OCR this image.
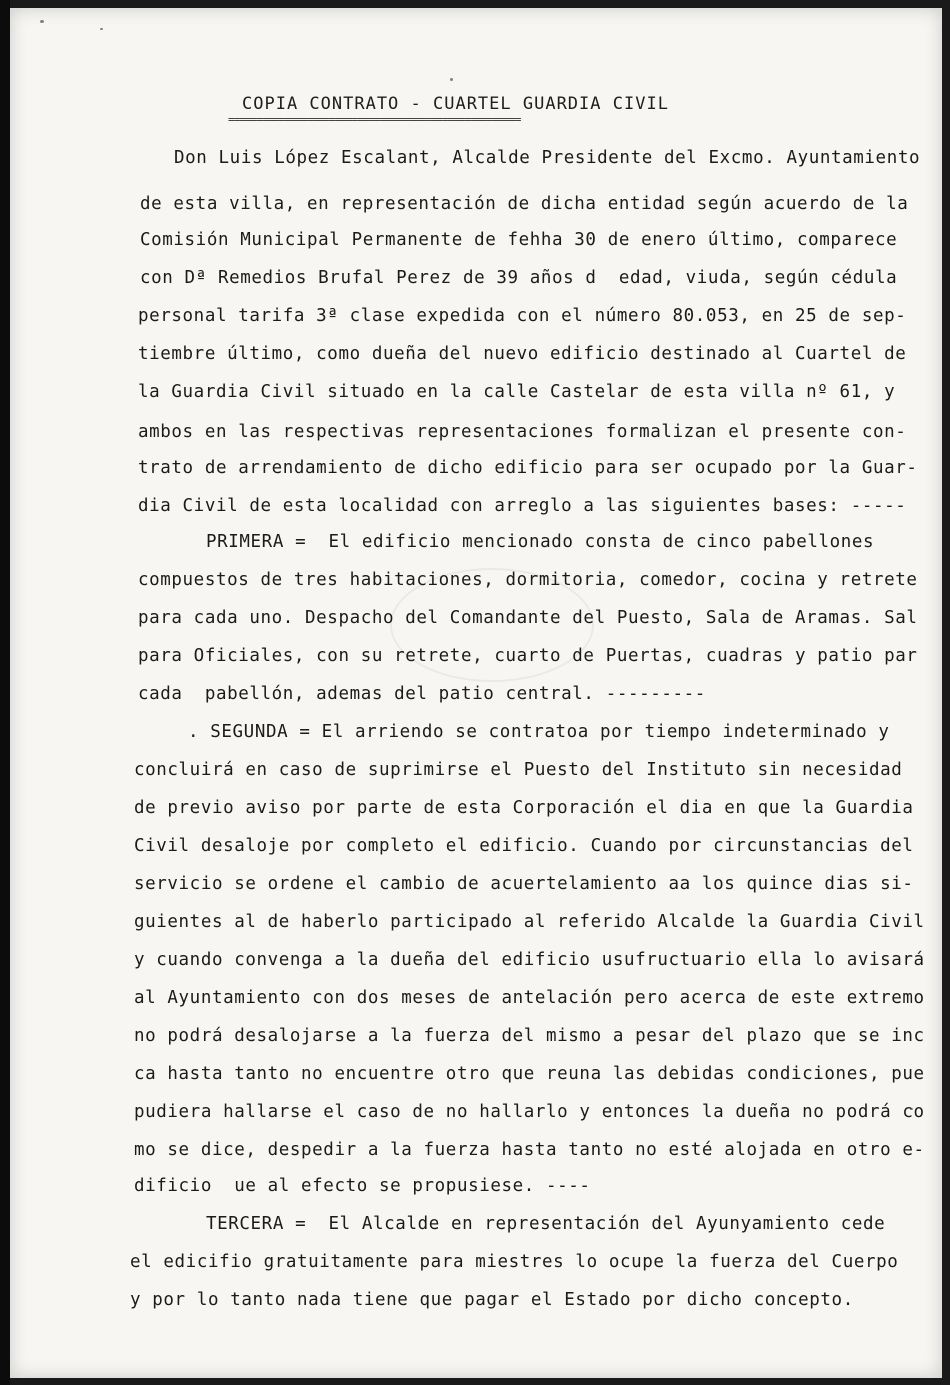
COPIA CONTRATO - CUARTEL GUARDIA CIVIL
====================================================
Don Luis López Escalant, Alcalde Presidente del Excmo. Ayuntamiento
de esta villa, en representación de dicha entidad según acuerdo de la
Comisión Municipal Permanente de fehha 30 de enero último, comparece
con Dª Remedios Brufal Perez de 39 años d  edad, viuda, según cédula
personal tarifa 3ª clase expedida con el número 80.053, en 25 de sep-
tiembre último, como dueña del nuevo edificio destinado al Cuartel de
la Guardia Civil situado en la calle Castelar de esta villa nº 61, y
ambos en las respectivas representaciones formalizan el presente con-
trato de arrendamiento de dicho edificio para ser ocupado por la Guar-
dia Civil de esta localidad con arreglo a las siguientes bases: -----
PRIMERA =  El edificio mencionado consta de cinco pabellones
compuestos de tres habitaciones, dormitoria, comedor, cocina y retrete
para cada uno. Despacho del Comandante del Puesto, Sala de Aramas. Sal
para Oficiales, con su retrete, cuarto de Puertas, cuadras y patio par
cada  pabellón, ademas del patio central. ---------
. SEGUNDA = El arriendo se contratoa por tiempo indeterminado y
concluirá en caso de suprimirse el Puesto del Instituto sin necesidad
de previo aviso por parte de esta Corporación el dia en que la Guardia
Civil desaloje por completo el edificio. Cuando por circunstancias del
servicio se ordene el cambio de acuertelamiento aa los quince dias si-
guientes al de haberlo participado al referido Alcalde la Guardia Civil
y cuando convenga a la dueña del edificio usufructuario ella lo avisará
al Ayuntamiento con dos meses de antelación pero acerca de este extremo
no podrá desalojarse a la fuerza del mismo a pesar del plazo que se inc
ca hasta tanto no encuentre otro que reuna las debidas condiciones, pue
pudiera hallarse el caso de no hallarlo y entonces la dueña no podrá co
mo se dice, despedir a la fuerza hasta tanto no esté alojada en otro e-
dificio  ue al efecto se propusiese. ----
TERCERA =  El Alcalde en representación del Ayunyamiento cede
el edicifio gratuitamente para miestres lo ocupe la fuerza del Cuerpo
y por lo tanto nada tiene que pagar el Estado por dicho concepto.
